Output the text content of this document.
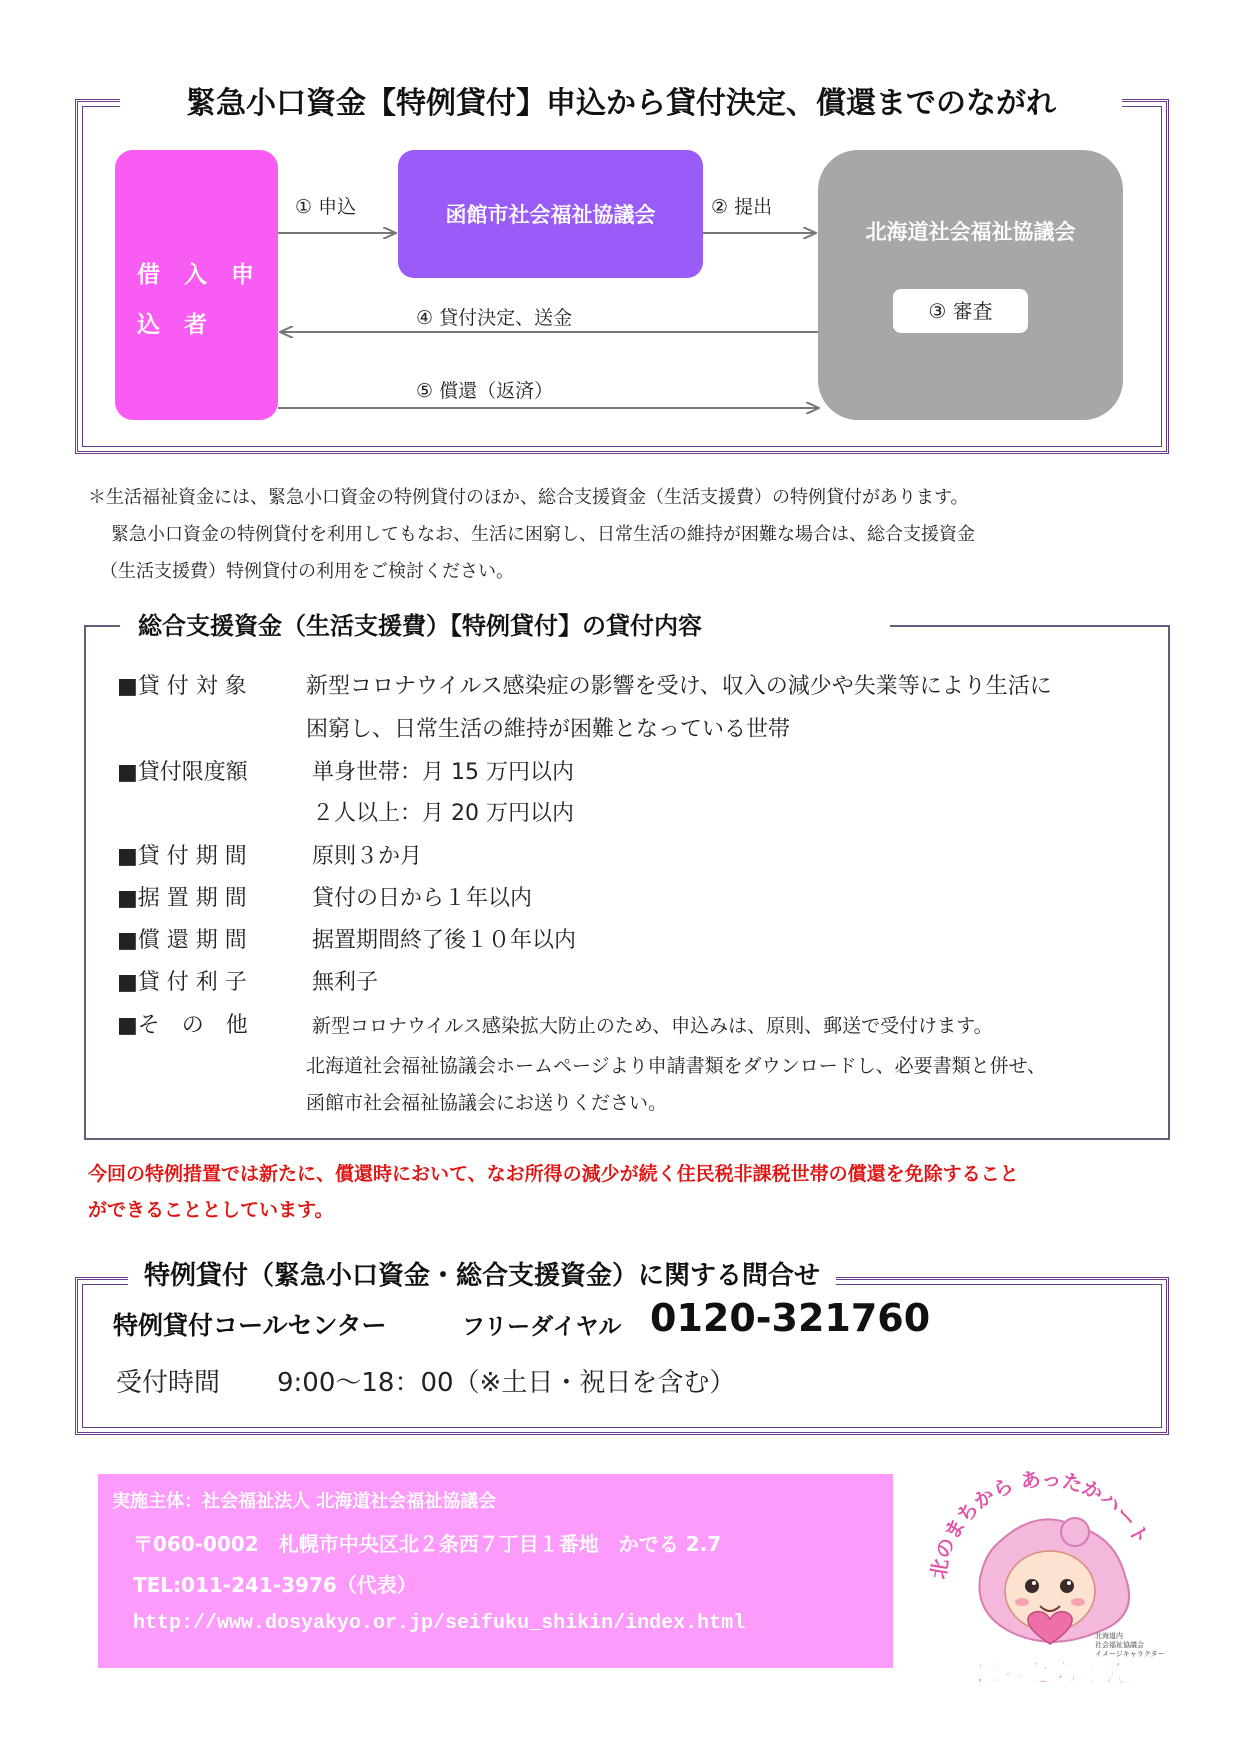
緊急小口資金【特例貸付】申込から貸付決定、償還までのながれ
借 入 申 込 者
函館市社会福祉協議会
北海道社会福祉協議会
③ 審査
① 申込	② 提出
④ 貸付決定、送金
⑤ 償還（返済）
＊生活福祉資金には、緊急小口資金の特例貸付のほか、総合支援資金（生活支援費）の特例貸付があります。
緊急小口資金の特例貸付を利用してもなお、生活に困窮し、日常生活の維持が困難な場合は、総合支援資金
（生活支援費）特例貸付の利用をご検討ください。
総合支援資金（生活支援費）【特例貸付】の貸付内容
■貸 付 対 象	新型コロナウイルス感染症の影響を受け、収入の減少や失業等により生活に
困窮し、日常生活の維持が困難となっている世帯
■貸付限度額	単身世帯：月 15 万円以内
２人以上：月 20 万円以内
■貸 付 期 間	原則３か月
■据 置 期 間	貸付の日から１年以内
■償 還 期 間	据置期間終了後１０年以内
■貸 付 利 子	無利子
■そ　の　他	新型コロナウイルス感染拡大防止のため、申込みは、原則、郵送で受付けます。
北海道社会福祉協議会ホームページより申請書類をダウンロードし、必要書類と併せ、
函館市社会福祉協議会にお送りください。
今回の特例措置では新たに、償還時において、なお所得の減少が続く住民税非課税世帯の償還を免除すること
ができることとしています。
特例貸付（緊急小口資金・総合支援資金）に関する問合せ
特例貸付コールセンター	フリーダイヤル 0120-321760
受付時間 9:00～18：00（※土日・祝日を含む）
実施主体：社会福祉法人 北海道社会福祉協議会
〒060-0002　札幌市中央区北２条西７丁目１番地　かでる 2.7
TEL:011-241-3976（代表）
http://www.dosyakyo.or.jp/seifuku_shikin/index.html
北のまちから あったかハート
北海道内
社会福祉協議会
イメージキャラクター
ほっとちゃん
